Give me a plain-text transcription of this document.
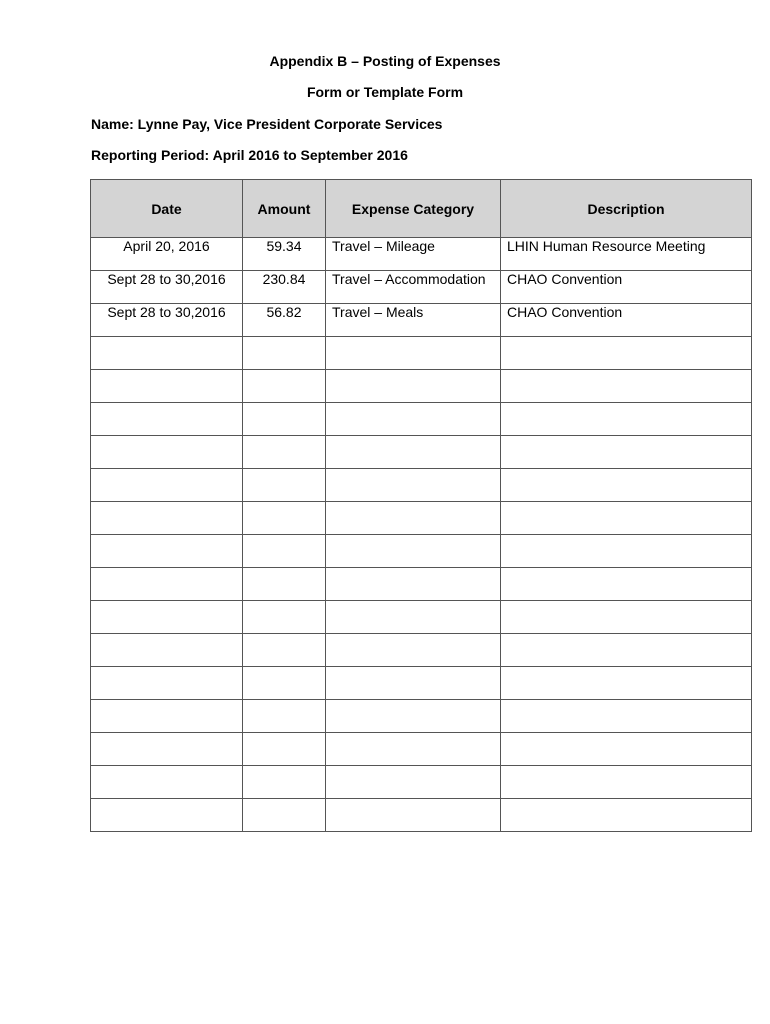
Appendix B – Posting of Expenses
Form or Template Form
Name: Lynne Pay, Vice President Corporate Services
Reporting Period: April 2016 to September 2016
Date	Amount	Expense Category	Description
April 20, 2016	59.34	Travel – Mileage	LHIN Human Resource Meeting
Sept 28 to 30,2016	230.84	Travel – Accommodation	CHAO Convention
Sept 28 to 30,2016	56.82	Travel – Meals	CHAO Convention
